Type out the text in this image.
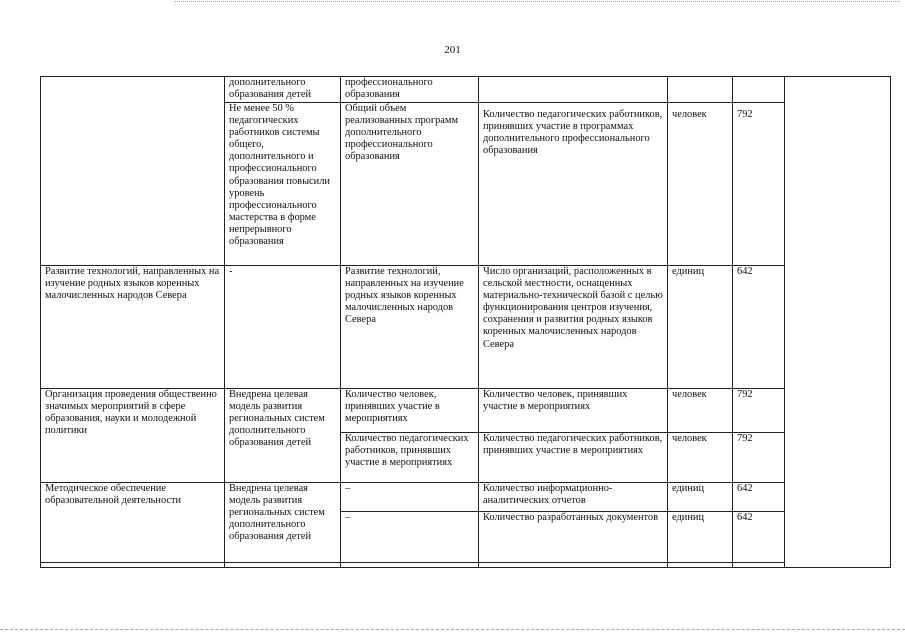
201
	дополнительного образования детей	профессионального образования				
	Не менее 50 % педагогических работников системы общего, дополнительного и профессионального образования повысили уровень профессионального мастерства в форме непрерывного образования	Общий объем реализованных программ дополнительного профессионального образования	Количество педагогических работников, принявших участие в программах дополнительного профессионального образования	человек	792	
Развитие технологий, направленных на изучение родных языков коренных малочисленных народов Севера	-	Развитие технологий, направленных на изучение родных языков коренных малочисленных народов Севера	Число организаций, расположенных в сельской местности, оснащенных материально-технической базой с целью функционирования центров изучения, сохранения и развития родных языков коренных малочисленных народов Севера	единиц	642	
Организация проведения общественно значимых мероприятий в сфере образования, науки и молодежной политики	Внедрена целевая модель развития региональных систем дополнительного образования детей	Количество человек, принявших участие в мероприятиях	Количество человек, принявших участие в мероприятиях	человек	792	
		Количество педагогических работников, принявших участие в мероприятиях	Количество педагогических работников, принявших участие в мероприятиях	человек	792	
Методическое обеспечение образовательной деятельности	Внедрена целевая модель развития региональных систем дополнительного образования детей	–	Количество информационно-аналитических отчетов	единиц	642	
		–	Количество разработанных документов	единиц	642	
